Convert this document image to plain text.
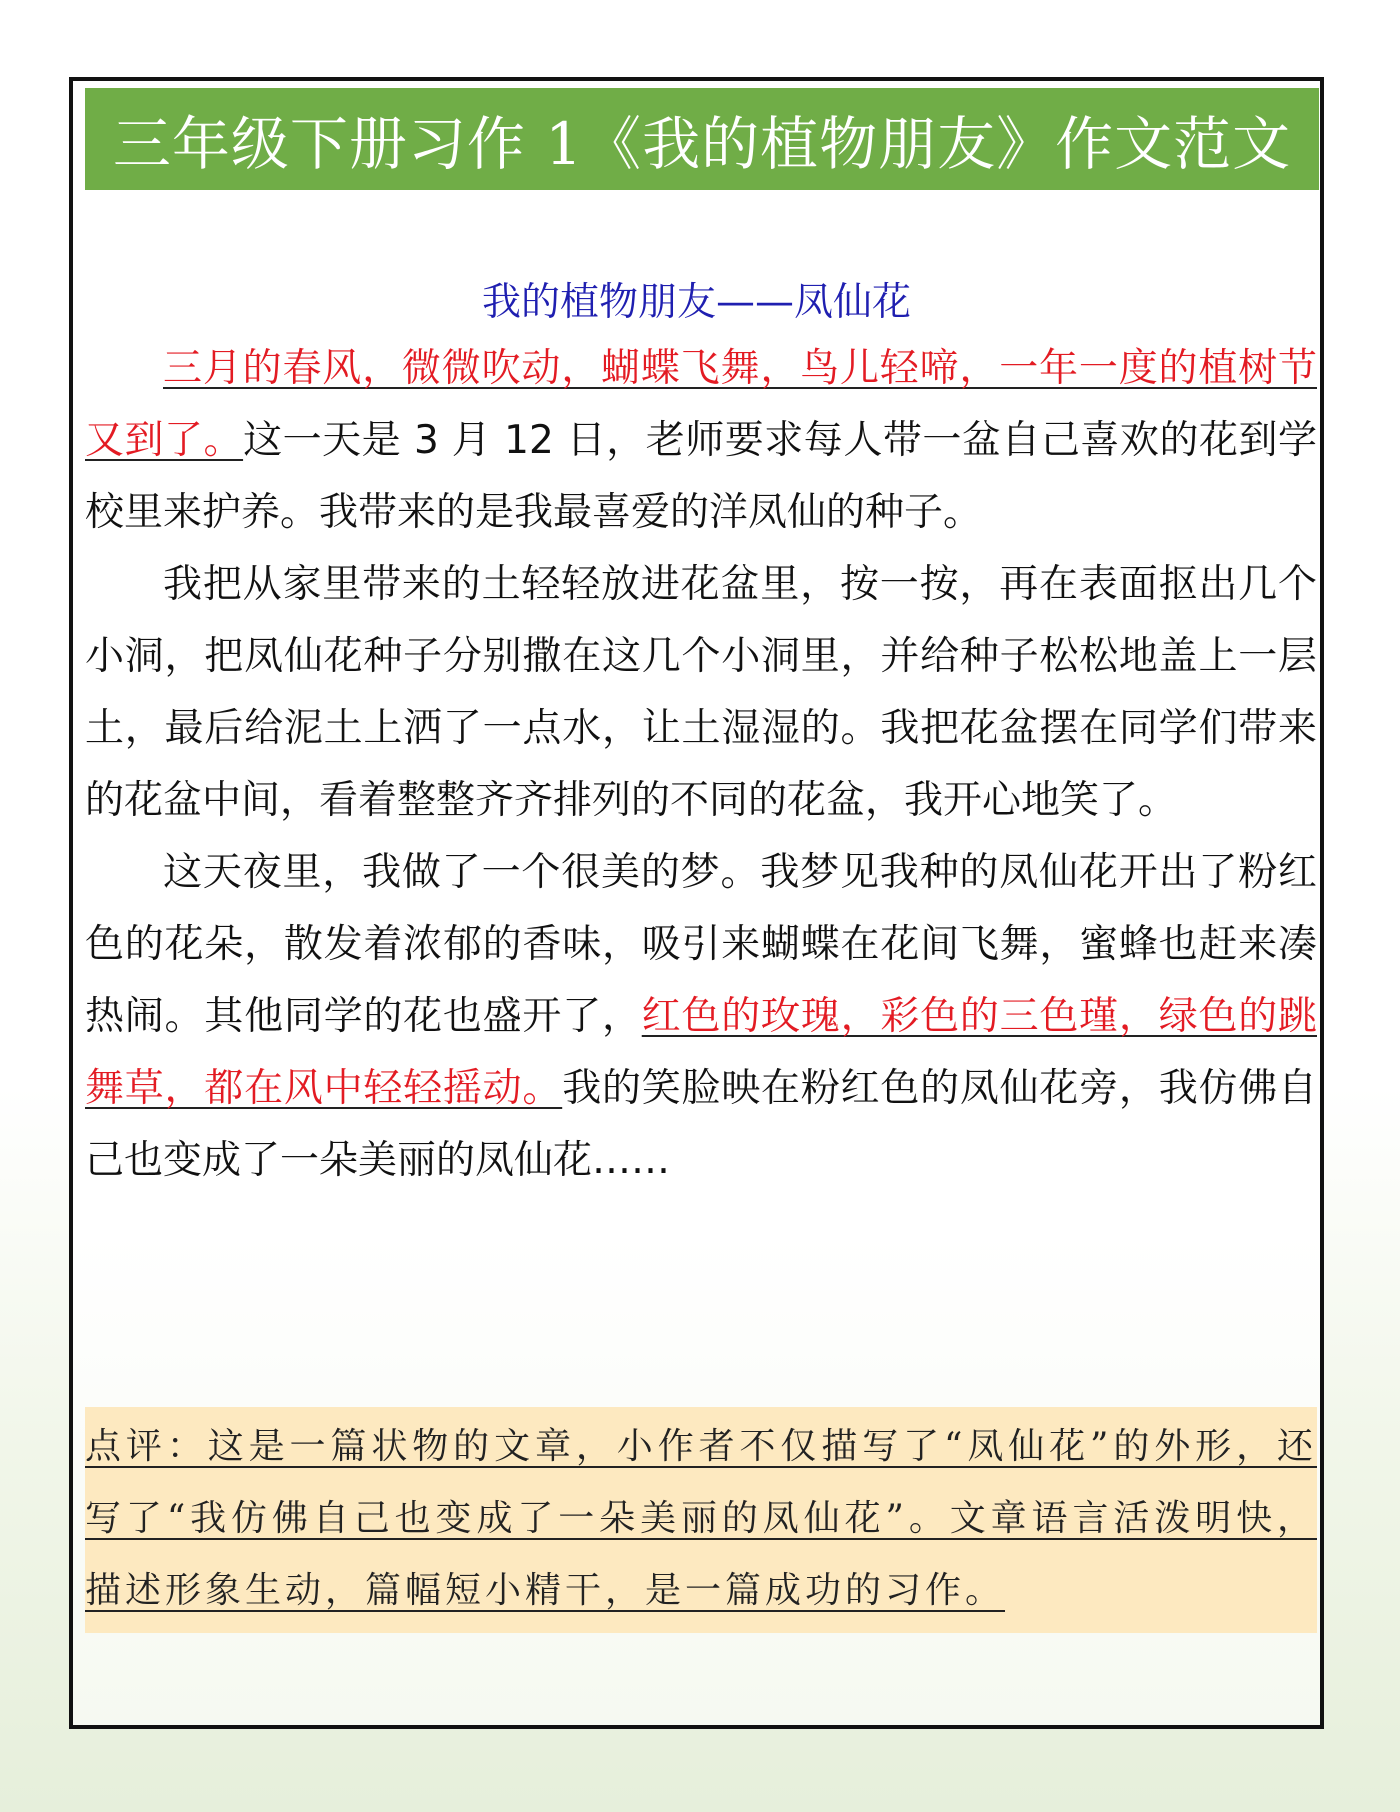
三年级下册习作 1《我的植物朋友》作文范文
我的植物朋友——凤仙花

三月的春风，微微吹动，蝴蝶飞舞，鸟儿轻啼，一年一度的植树节又到了。这一天是 3 月 12 日，老师要求每人带一盆自己喜欢的花到学校里来护养。我带来的是我最喜爱的洋凤仙的种子。

我把从家里带来的土轻轻放进花盆里，按一按，再在表面抠出几个小洞，把凤仙花种子分别撒在这几个小洞里，并给种子松松地盖上一层土，最后给泥土上洒了一点水，让土湿湿的。我把花盆摆在同学们带来的花盆中间，看着整整齐齐排列的不同的花盆，我开心地笑了。

这天夜里，我做了一个很美的梦。我梦见我种的凤仙花开出了粉红色的花朵，散发着浓郁的香味，吸引来蝴蝶在花间飞舞，蜜蜂也赶来凑热闹。其他同学的花也盛开了，红色的玫瑰，彩色的三色瑾，绿色的跳舞草，都在风中轻轻摇动。我的笑脸映在粉红色的凤仙花旁，我仿佛自己也变成了一朵美丽的凤仙花……

点评：这是一篇状物的文章，小作者不仅描写了“凤仙花”的外形，还写了“我仿佛自己也变成了一朵美丽的凤仙花”。文章语言活泼明快，描述形象生动，篇幅短小精干，是一篇成功的习作。
